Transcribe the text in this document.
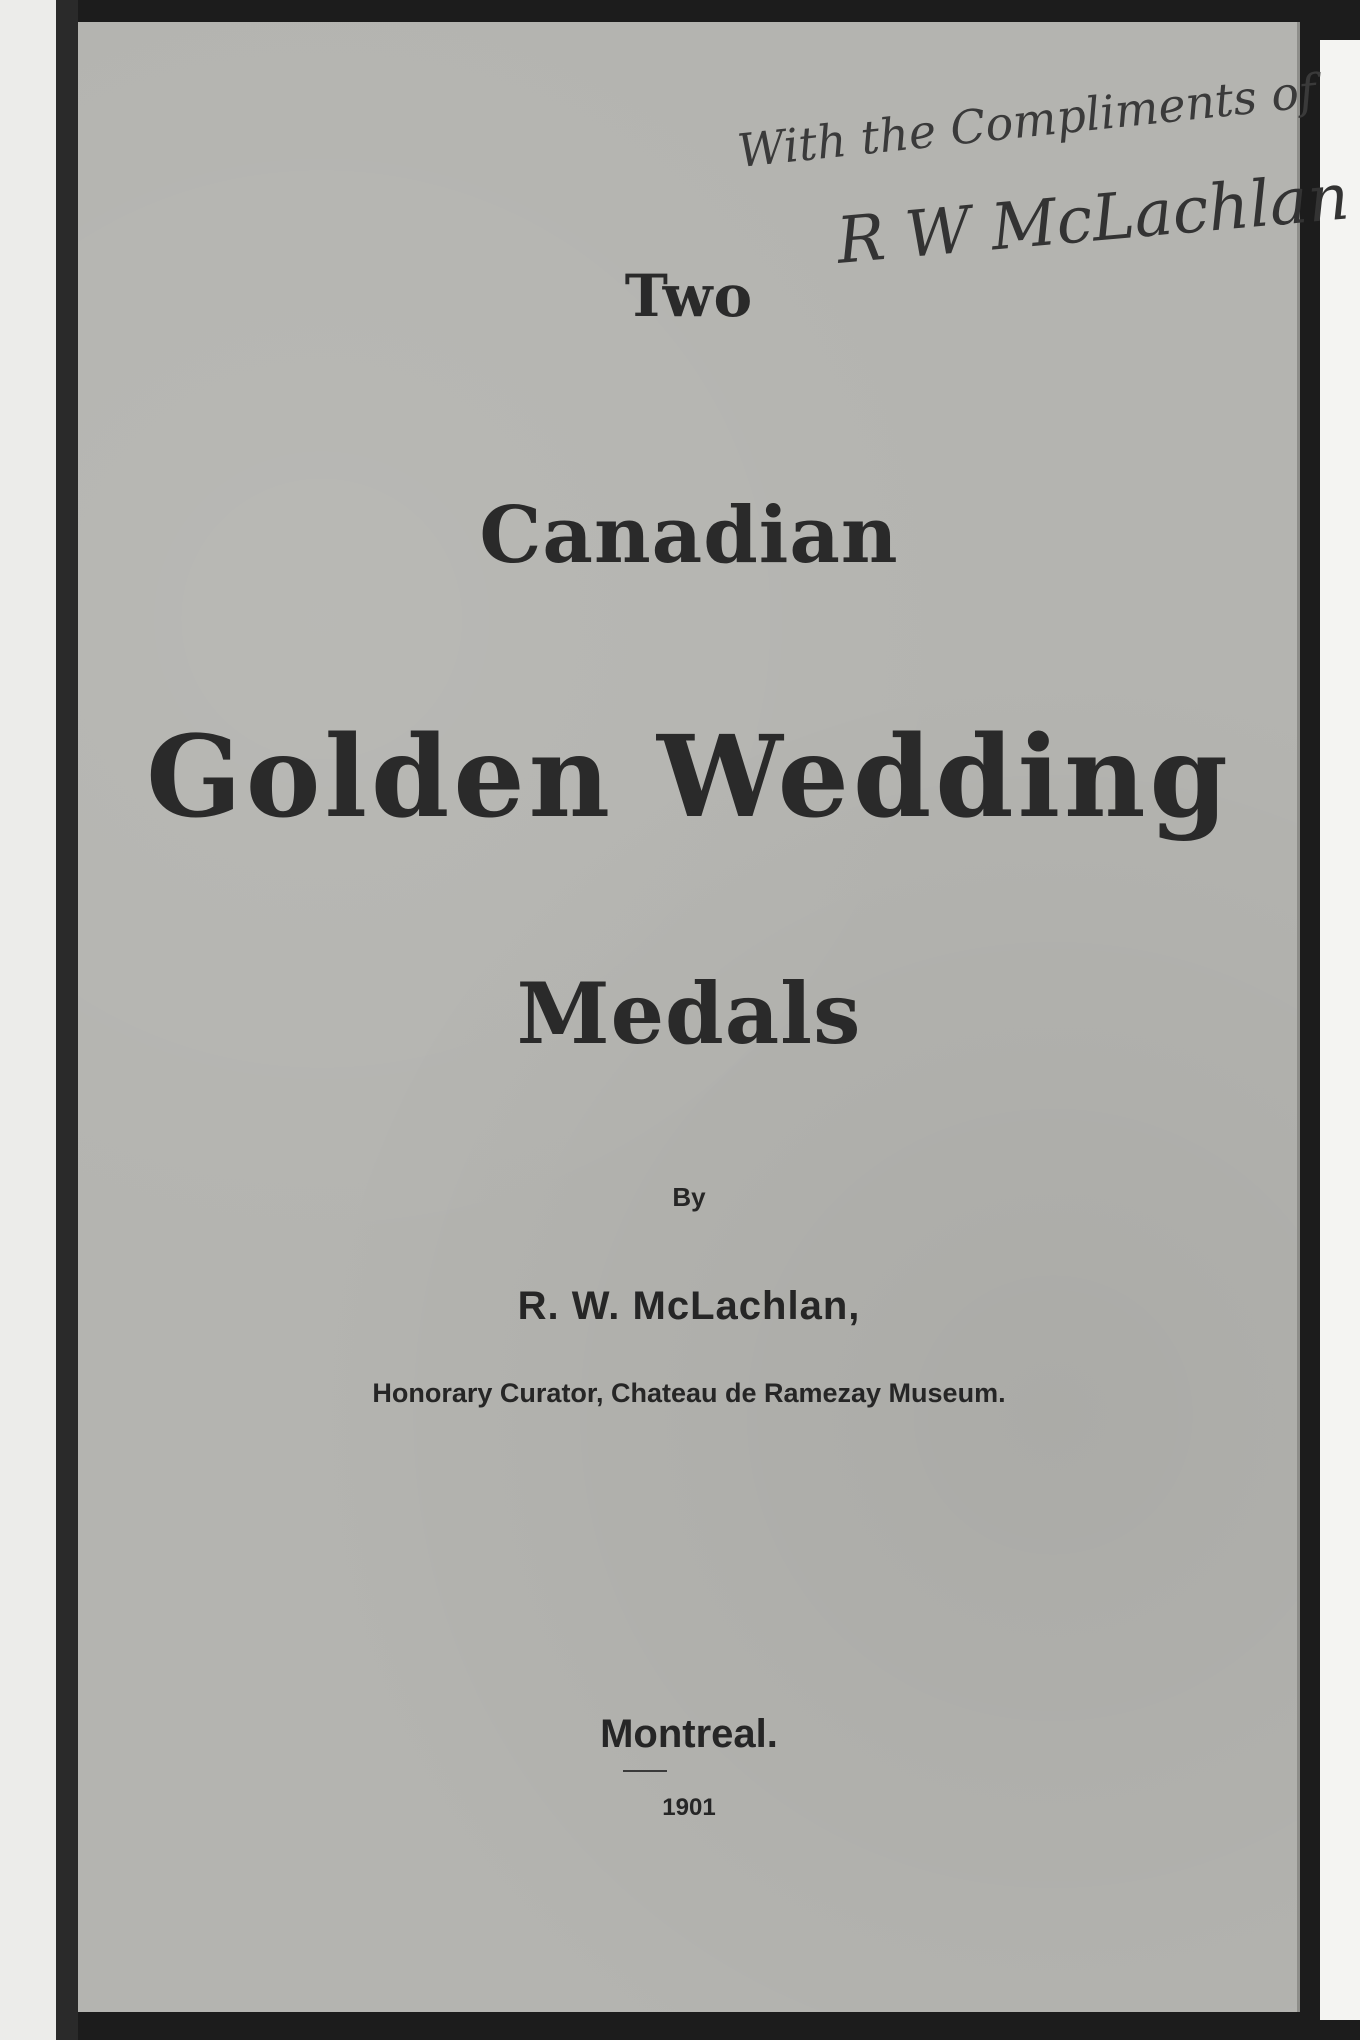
With the Compliments of
R W McLachlan
Two
Canadian
Golden Wedding
Medals
By
R. W. McLachlan,
Honorary Curator, Chateau de Ramezay Museum.
Montreal.
1901
